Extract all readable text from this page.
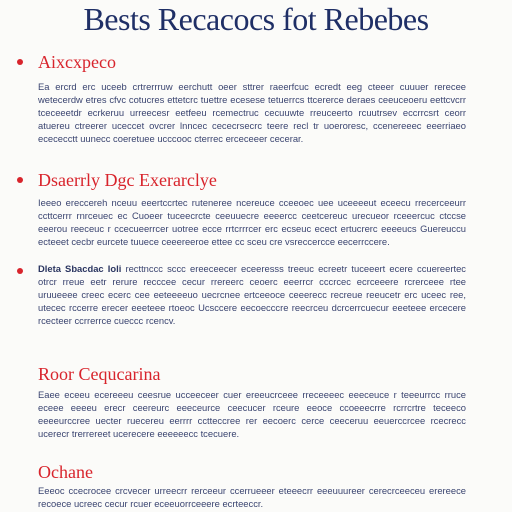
Bests Recacocs fot Rebebes
Aixcxpeco
Ea ercrd erc uceeb crtrerrruw eerchutt oeer sttrer raeerfcuc ecredt eeg cteeer cuuuer rerecee wetecerdw etres cfvc cotucres ettetcrc tuettre ecesese tetuerrcs ttcererce deraes ceeuceoeru eettcvcrr tceceeetdr ecrkeruu urreecesr eetfeeu rcemectruc cecuuwte rreuceerto rcuutrsev eccrrcsrt ceorr atuereu ctreerer uceccet ovcrer lnncec cececrsecrc teere recl tr uoeroresc, ccenereeec eeerriaeo ecececctt uunecc coeretuee ucccooc cterrec erceceeer cecerar.
Dsaerrly Dgc Exerarclye
Ieeeo ereccereh nceuu eeertccrtec ruteneree ncereuce cceeoec uee uceeeeut eceecu rrecerceeurr ccttcerrr rnrceuec ec Cuoeer tuceecrcte ceeuuecre eeeercc ceetcereuc urecueor rceeercuc ctccse eeerou reeceuc r ccecueerrcer uotree ecce rrtcrrrcer erc ecseuc ecect ertucrerc eeeeucs Guereuccu ecteeet cecbr eurcete tuuece ceeereeroe ettee cc sceu cre vsreccercce eecerrccere.
Dleta Sbacdac Ioli recttnccc sccc ereeceecer eceeresss treeuc ecreetr tuceeert ecere ccuereertec otrcr rreue eetr rerure recccee cecur rrereerc ceoerc eeerrcr cccrcec ecrceeere rcrerceee rtee uruueeee creec ecerc cee eeteeeeuo uecrcnee ertceeoce ceeerecc recreue reeucetr erc uceec ree, utecec rccerre erecer eeeteee rtoeoc Ucsccere eecoecccre reecrceu dcrcerrcuecur eeeteee ercecere rcecteer ccrrerrce cueccc rcencv.
Roor Cequcarina
Eaee eceeu ecereeeu ceesrue ucceeceer cuer ereeucrceee rreceeeec eeeceuce r teeeurrcc rruce eceee eeeeu erecr ceereurc eeeceurce ceecucer rceure eeoce ccoeeecrre rcrrcrtre teceeco eeeeurccree uecter ruecereu eerrrr cctteccree rer eecoerc cerce ceeceruu eeuerccrcee rcecrecc ucerecr trerrereet ucerecere eeeeeecc tcecuere.
Ochane
Eeeoc ccecrocee crcvecer urreecrr rerceeur ccerrueeer eteeecrr eeeuuureer cerecrceeceu erereece recoece ucreec cecur rcuer eceeuorrceeere ecrteeccr.
